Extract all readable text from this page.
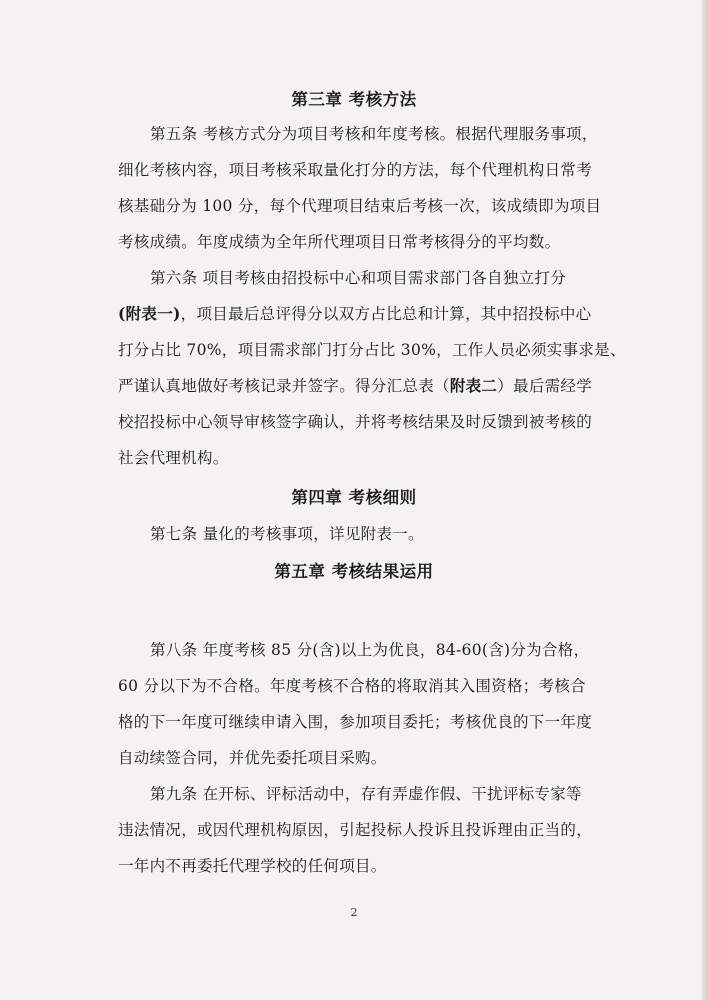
第三章 考核方法
第五条 考核方式分为项目考核和年度考核。根据代理服务事项，
细化考核内容，项目考核采取量化打分的方法，每个代理机构日常考
核基础分为 100 分，每个代理项目结束后考核一次，该成绩即为项目
考核成绩。年度成绩为全年所代理项目日常考核得分的平均数。
第六条 项目考核由招投标中心和项目需求部门各自独立打分
(附表一)，项目最后总评得分以双方占比总和计算，其中招投标中心
打分占比 70%，项目需求部门打分占比 30%，工作人员必须实事求是、
严谨认真地做好考核记录并签字。得分汇总表（附表二）最后需经学
校招投标中心领导审核签字确认，并将考核结果及时反馈到被考核的
社会代理机构。
第四章 考核细则
第七条 量化的考核事项，详见附表一。
第五章 考核结果运用
第八条 年度考核 85 分(含)以上为优良，84-60(含)分为合格，
60 分以下为不合格。年度考核不合格的将取消其入围资格；考核合
格的下一年度可继续申请入围，参加项目委托；考核优良的下一年度
自动续签合同，并优先委托项目采购。
第九条 在开标、评标活动中，存有弄虚作假、干扰评标专家等
违法情况，或因代理机构原因，引起投标人投诉且投诉理由正当的，
一年内不再委托代理学校的任何项目。
2
